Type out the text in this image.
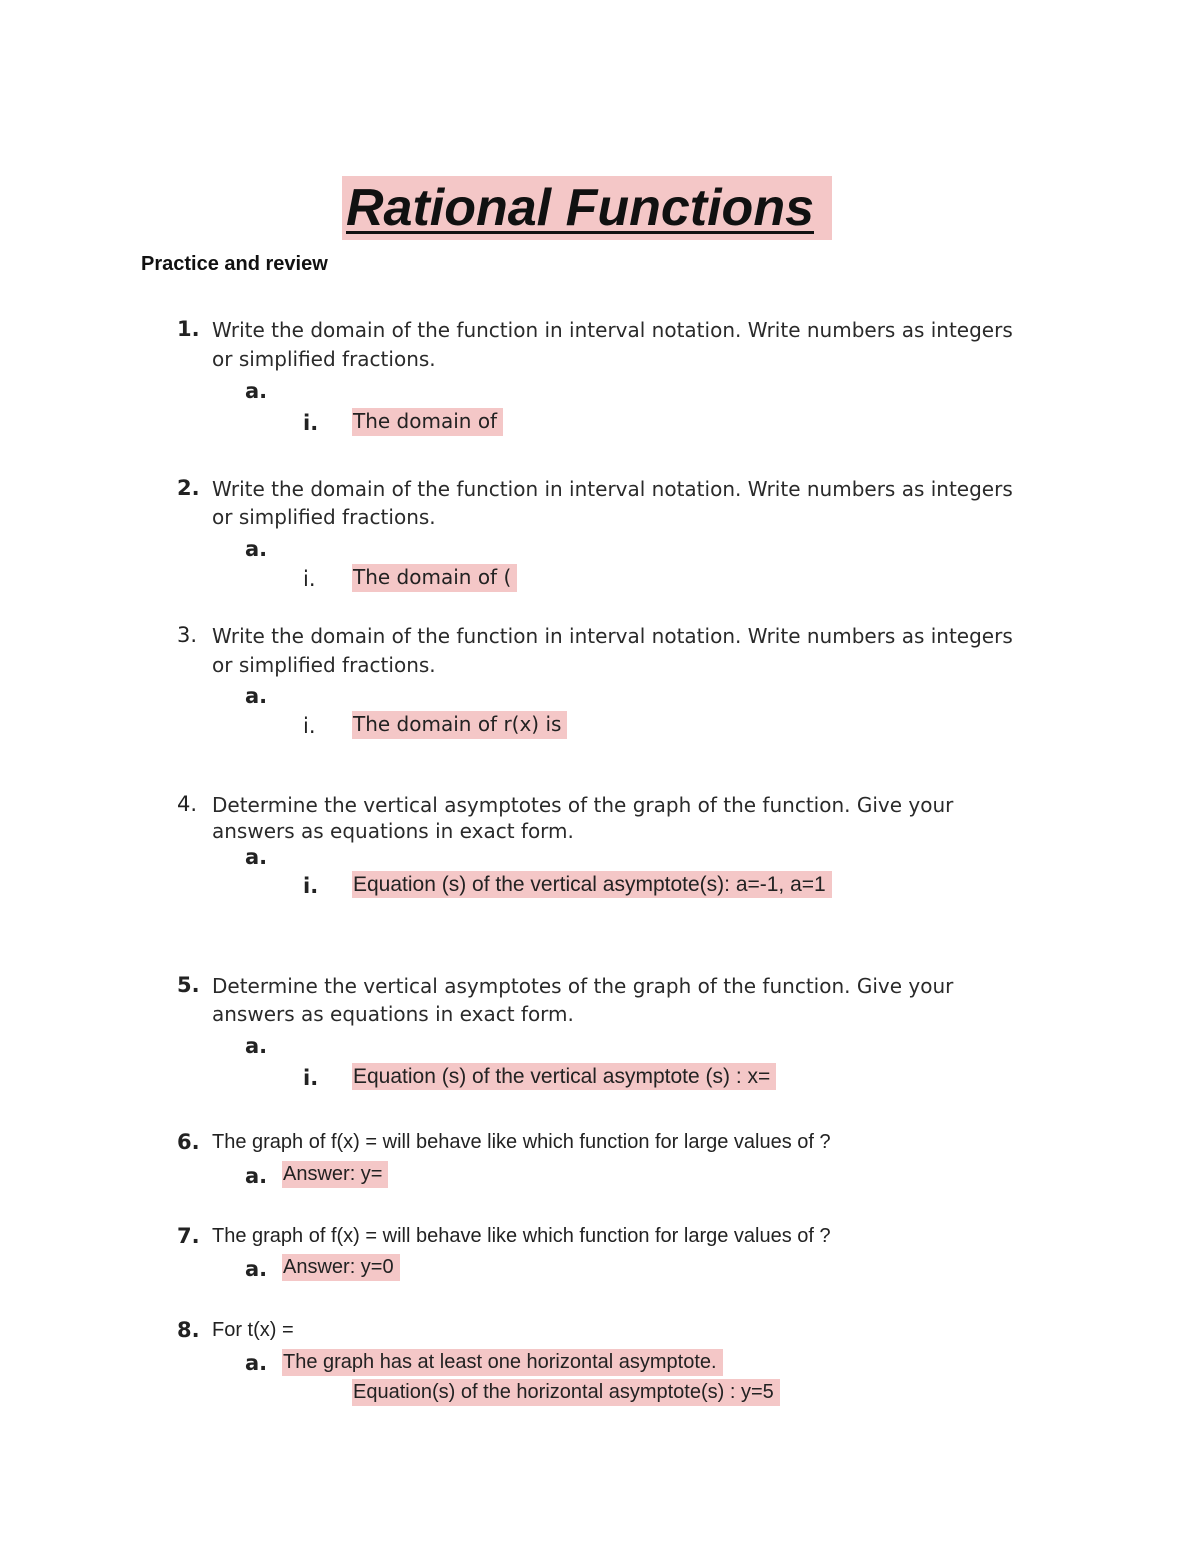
Rational Functions
Practice and review
1. Write the domain of the function in interval notation. Write numbers as integers
or simplified fractions.
a.
i. The domain of
2. Write the domain of the function in interval notation. Write numbers as integers
or simplified fractions.
a.
i. The domain of (
3. Write the domain of the function in interval notation. Write numbers as integers
or simplified fractions.
a.
i. The domain of r(x) is
4. Determine the vertical asymptotes of the graph of the function. Give your
answers as equations in exact form.
a.
i. Equation (s) of the vertical asymptote(s): a=-1, a=1
5. Determine the vertical asymptotes of the graph of the function. Give your
answers as equations in exact form.
a.
i. Equation (s) of the vertical asymptote (s) : x=
6. The graph of f(x) = will behave like which function for large values of ?
a. Answer: y=
7. The graph of f(x) = will behave like which function for large values of ?
a. Answer: y=0
8. For t(x) =
a. The graph has at least one horizontal asymptote.
Equation(s) of the horizontal asymptote(s) : y=5
